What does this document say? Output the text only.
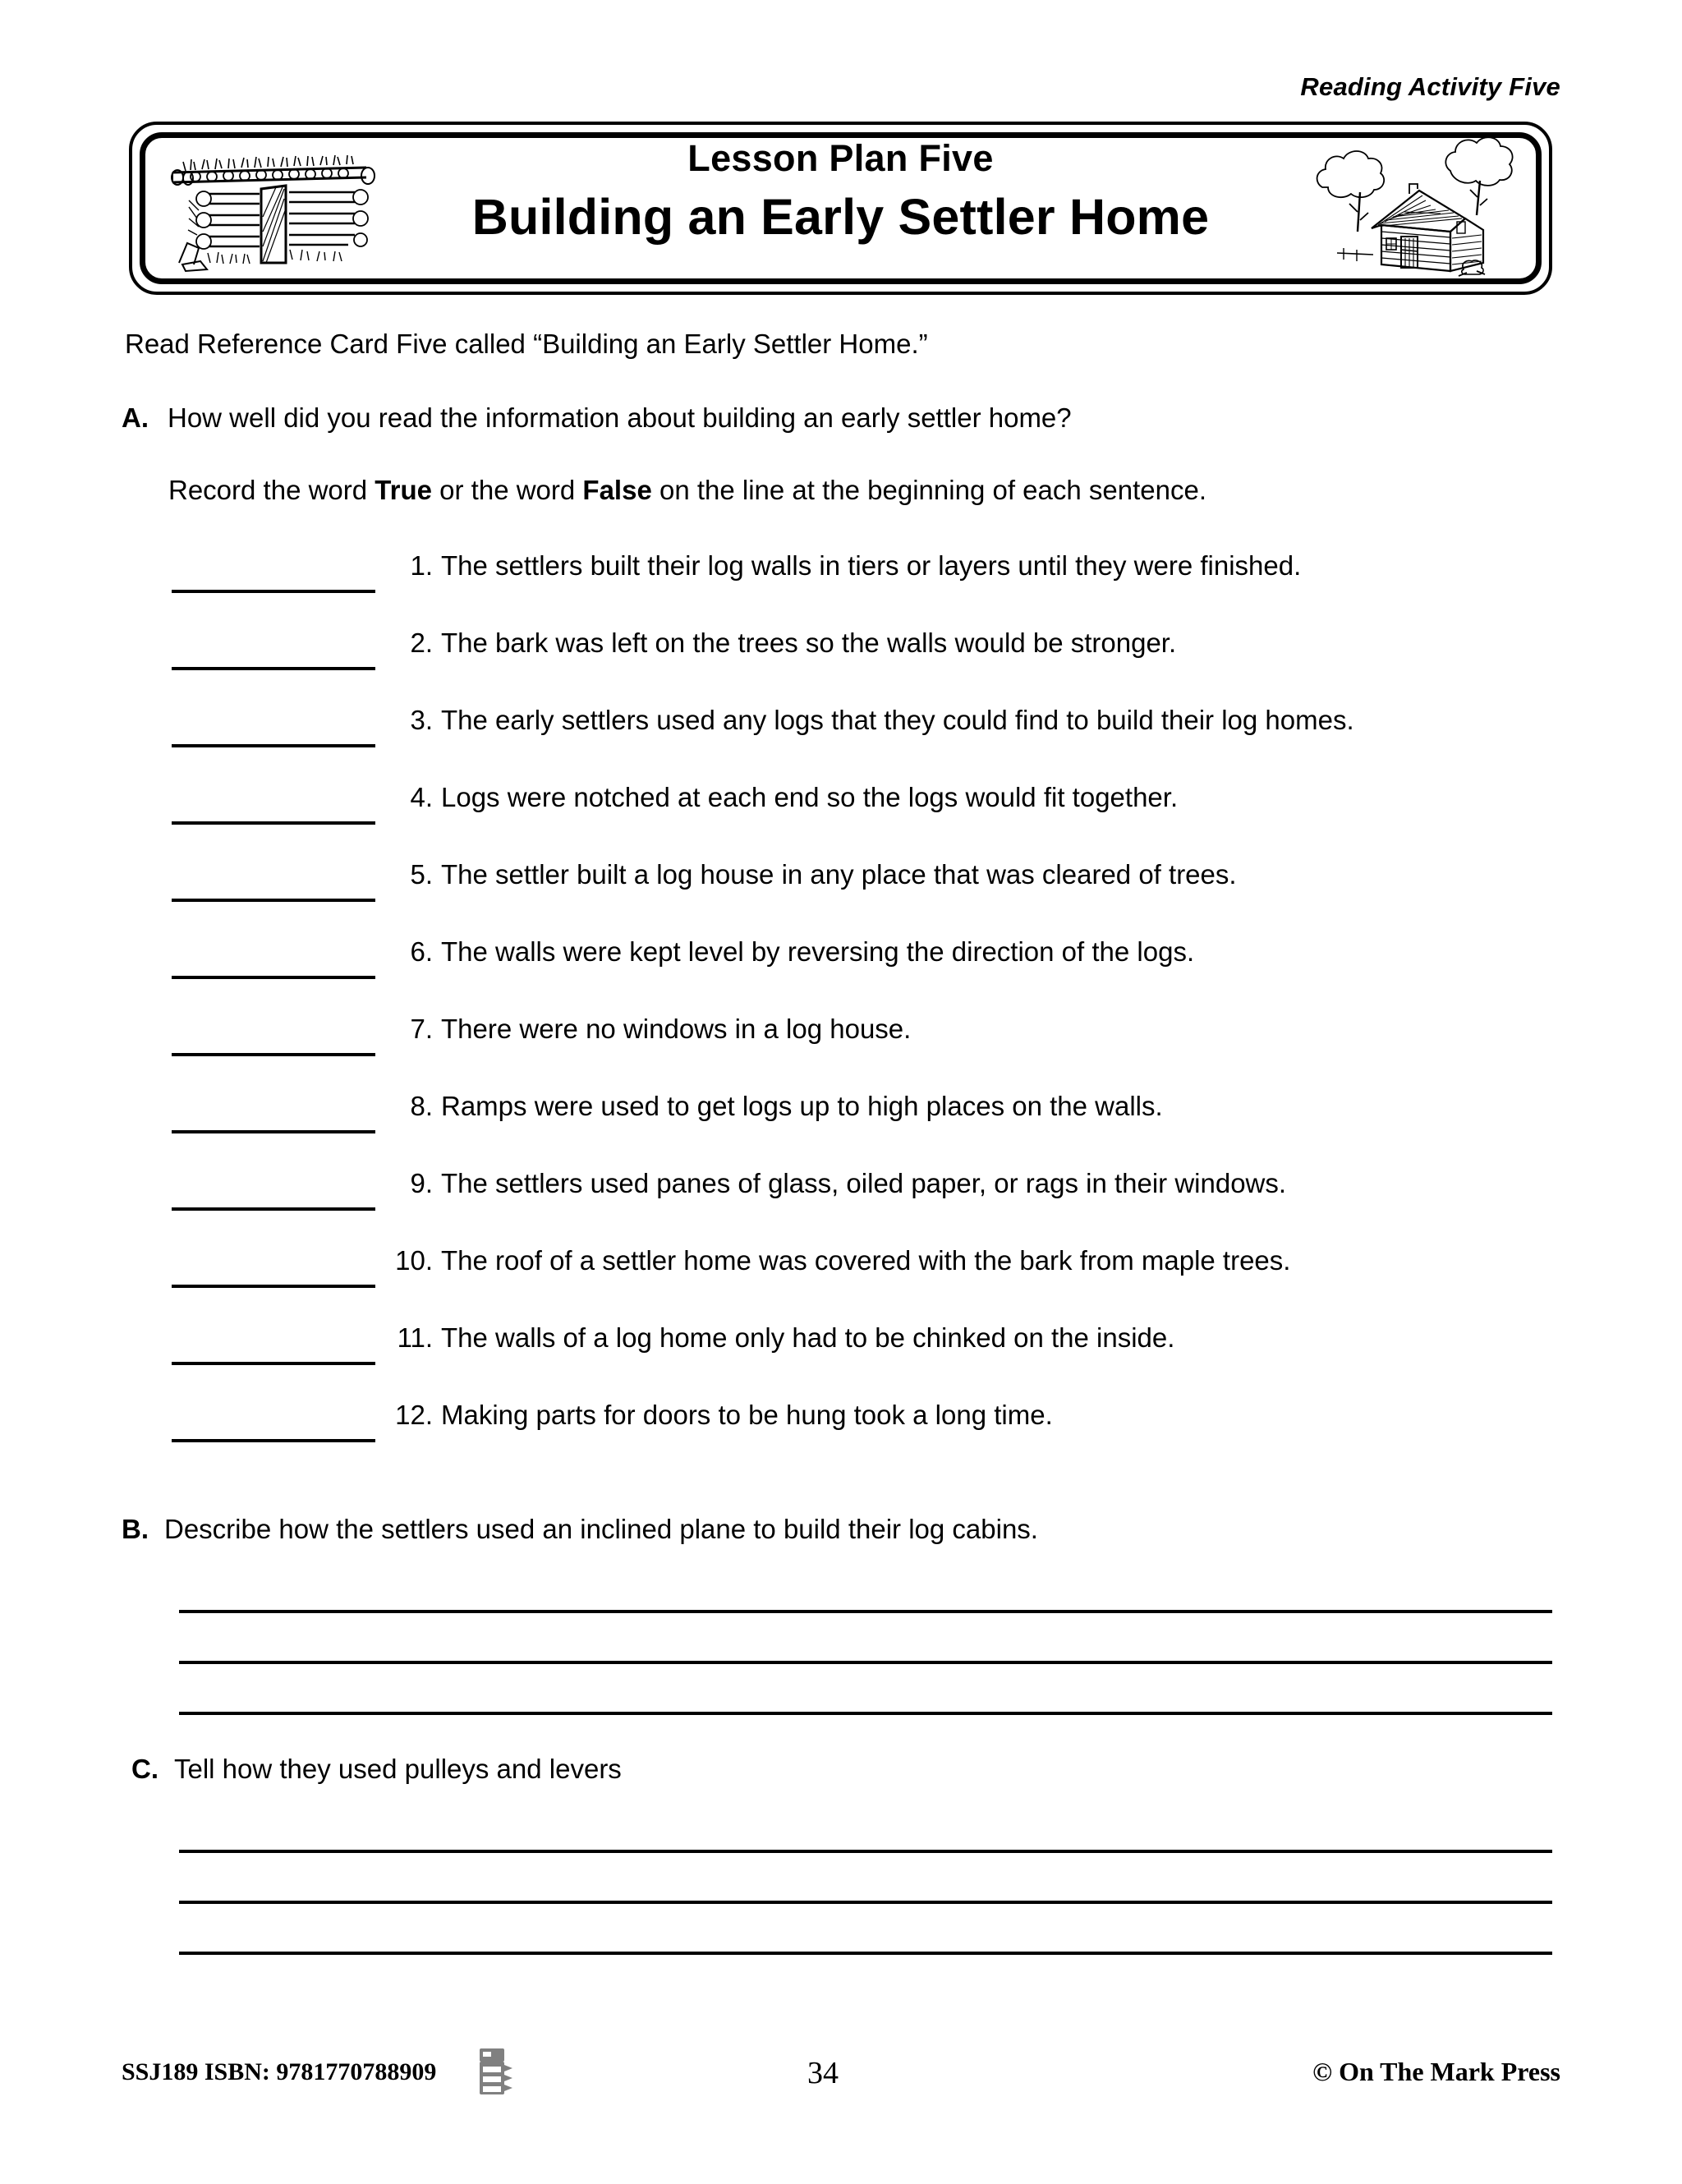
Reading Activity Five
Lesson Plan Five
Building an Early Settler Home
Read Reference Card Five called “Building an Early Settler Home.”
A. How well did you read the information about building an early settler home?
Record the word True or the word False on the line at the beginning of each sentence.
1. The settlers built their log walls in tiers or layers until they were finished.
2. The bark was left on the trees so the walls would be stronger.
3. The early settlers used any logs that they could find to build their log homes.
4. Logs were notched at each end so the logs would fit together.
5. The settler built a log house in any place that was cleared of trees.
6. The walls were kept level by reversing the direction of the logs.
7. There were no windows in a log house.
8. Ramps were used to get logs up to high places on the walls.
9. The settlers used panes of glass, oiled paper, or rags in their windows.
10. The roof of a settler home was covered with the bark from maple trees.
11. The walls of a log home only had to be chinked on the inside.
12. Making parts for doors to be hung took a long time.
B. Describe how the settlers used an inclined plane to build their log cabins.
C. Tell how they used pulleys and levers
SSJ189 ISBN: 9781770788909	34	© On The Mark Press
